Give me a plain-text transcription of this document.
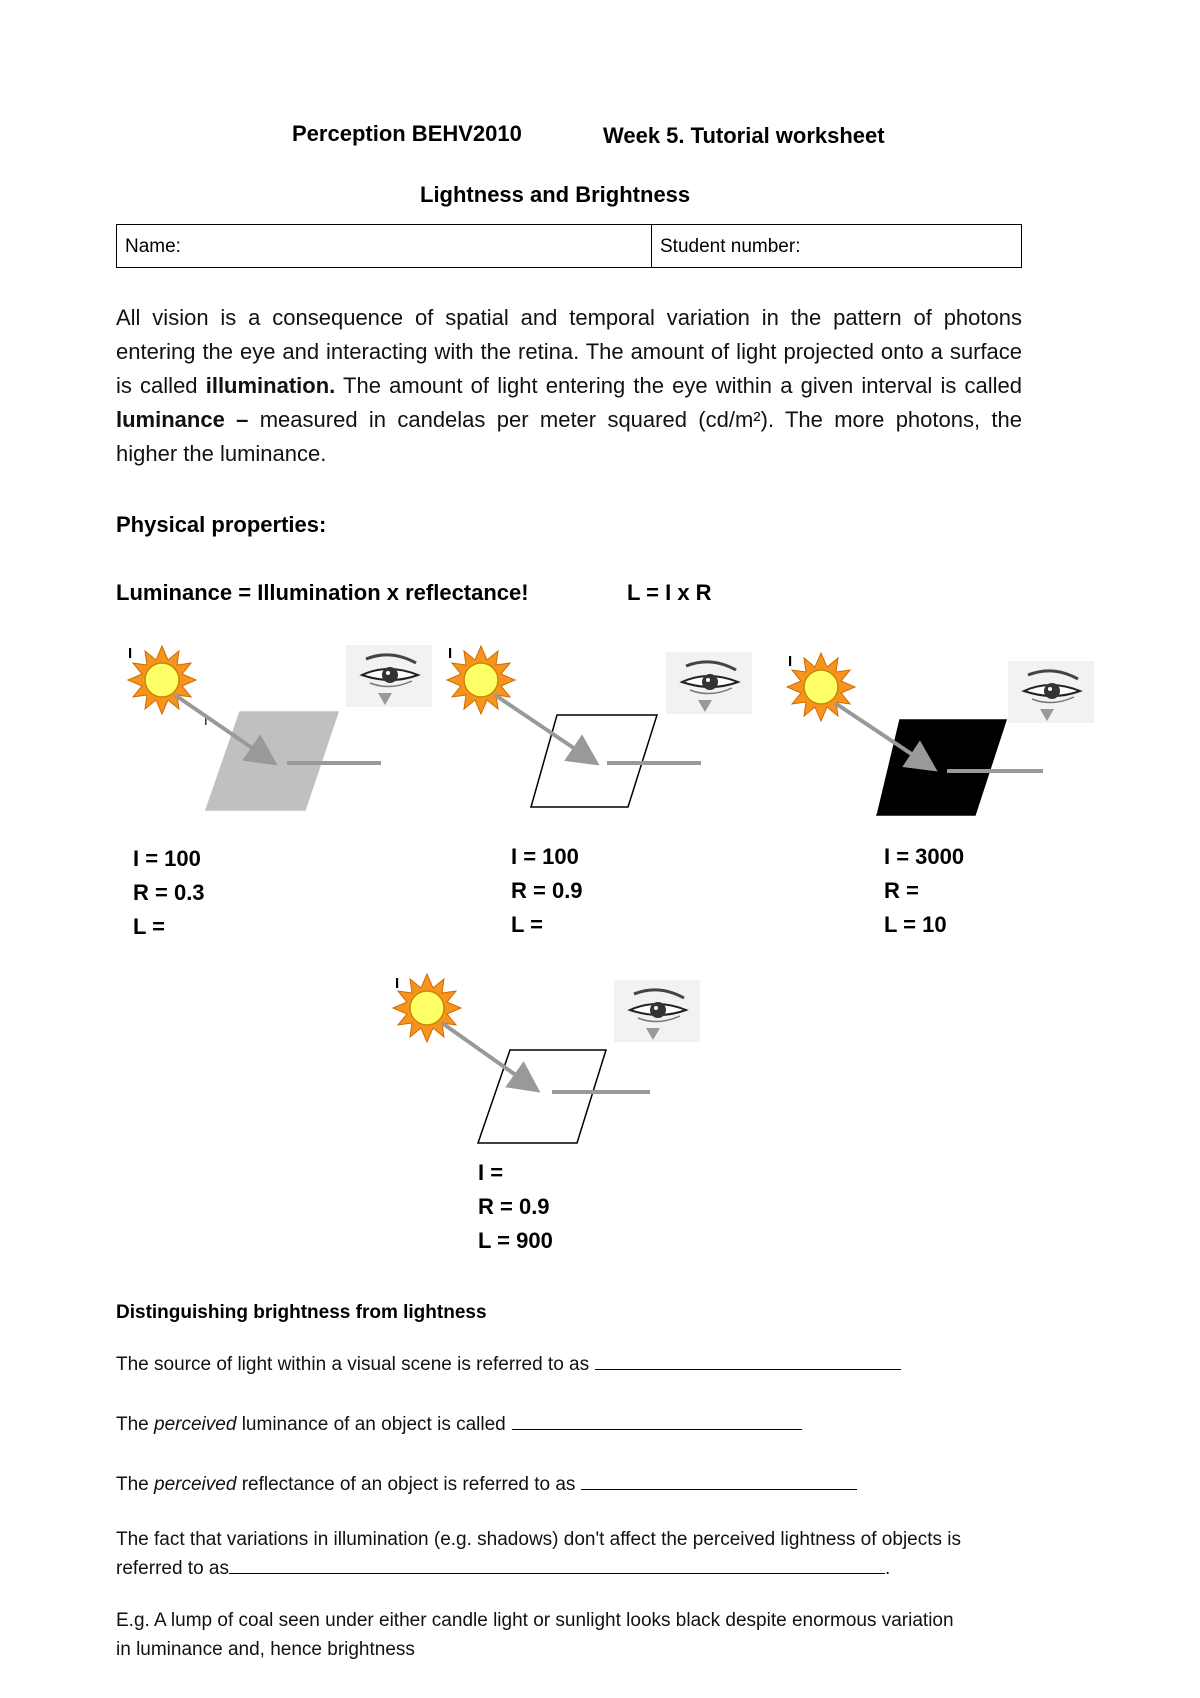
Perception BEHV2010	Week 5. Tutorial worksheet
Lightness and Brightness
Name:	Student number:
All vision is a consequence of spatial and temporal variation in the pattern of photons entering the eye and interacting with the retina. The amount of light projected onto a surface is called illumination. The amount of light entering the eye within a given interval is called luminance – measured in candelas per meter squared (cd/m²). The more photons, the higher the luminance.
Physical properties:
Luminance = Illumination x reflectance!	L = I x R
I
I
I = 100
R = 0.3
L =
I
I = 100
R = 0.9
L =
I
I = 3000
R =
L = 10
I
I =
R = 0.9
L = 900
Distinguishing brightness from lightness
The source of light within a visual scene is referred to as
The perceived luminance of an object is called
The perceived reflectance of an object is referred to as
The fact that variations in illumination (e.g. shadows) don't affect the perceived lightness of objects is
referred to as	.
E.g. A lump of coal seen under either candle light or sunlight looks black despite enormous variation
in luminance and, hence brightness
